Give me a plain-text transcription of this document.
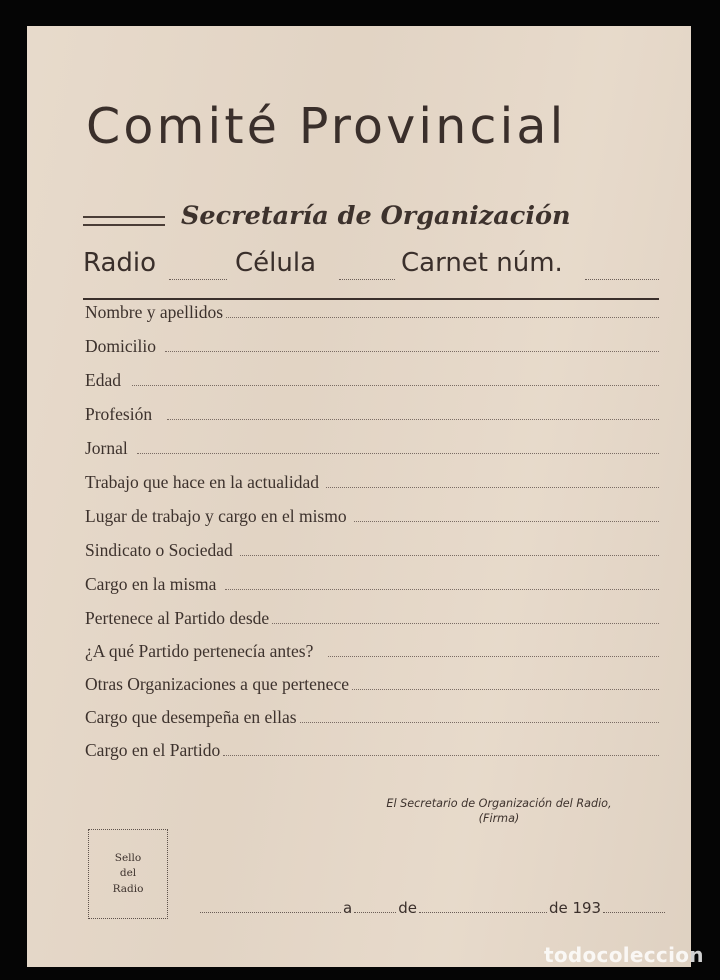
Comité Provincial
Secretaría de Organización
Radio	Célula	Carnet núm.
Nombre y apellidos
Domicilio
Edad
Profesión
Jornal
Trabajo que hace en la actualidad
Lugar de trabajo y cargo en el mismo
Sindicato o Sociedad
Cargo en la misma
Pertenece al Partido desde
¿A qué Partido pertenecía antes?
Otras Organizaciones a que pertenece
Cargo que desempeña en ellas
Cargo en el Partido
El Secretario de Organización del Radio,
(Firma)
Sello
del
Radio
a	de	de 193
todocoleccion
